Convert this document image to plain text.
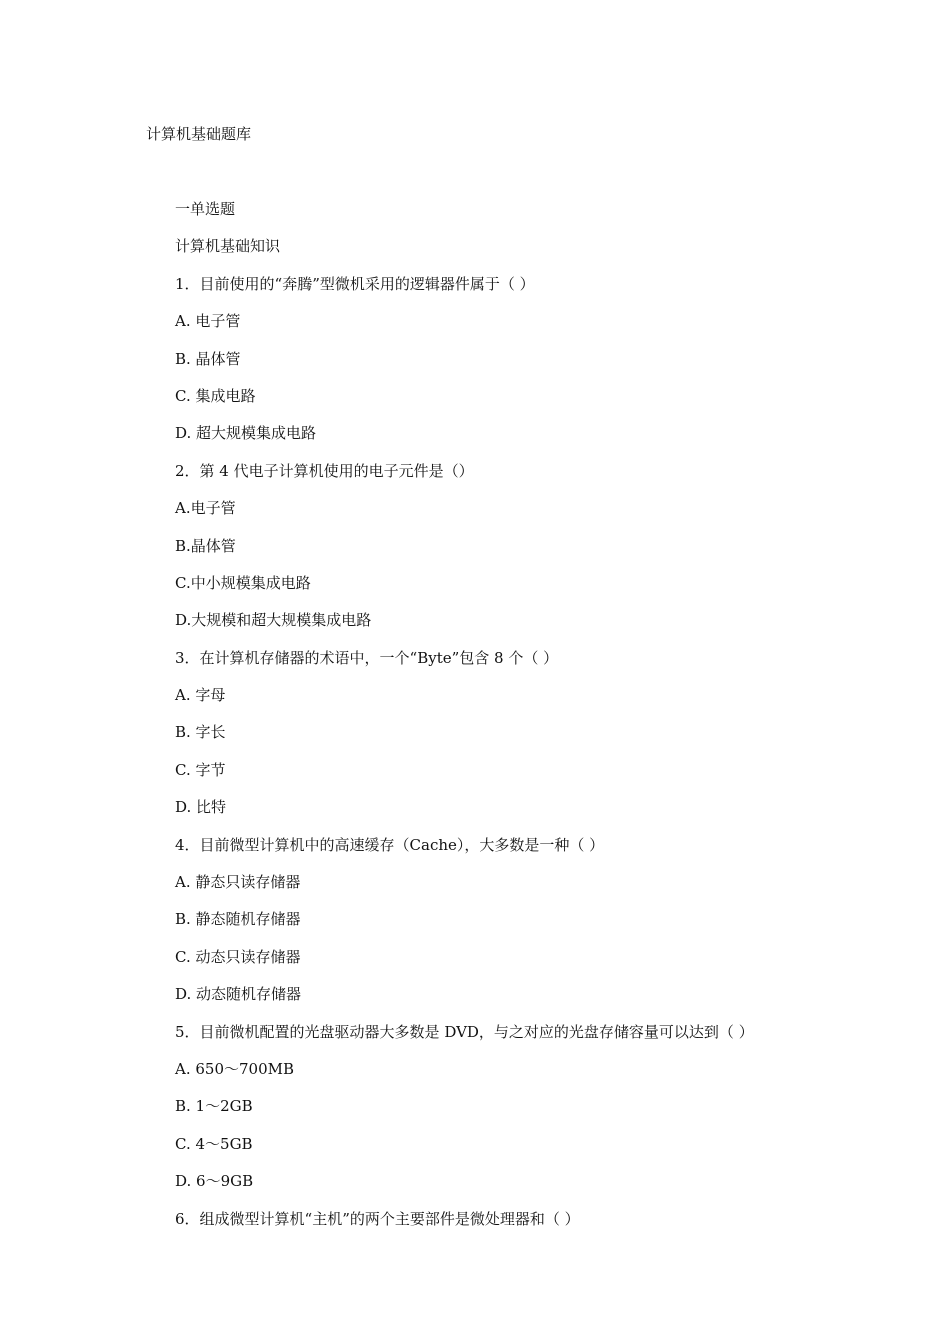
计算机基础题库
一单选题
计算机基础知识
1．目前使用的“奔腾”型微机采用的逻辑器件属于（ ）
A. 电子管
B. 晶体管
C. 集成电路
D. 超大规模集成电路
2．第 4 代电子计算机使用的电子元件是（）
A.电子管
B.晶体管
C.中小规模集成电路
D.大规模和超大规模集成电路
3．在计算机存储器的术语中，一个“Byte”包含 8 个（ ）
A. 字母
B. 字长
C. 字节
D. 比特
4．目前微型计算机中的高速缓存（Cache），大多数是一种（ ）
A. 静态只读存储器
B. 静态随机存储器
C. 动态只读存储器
D. 动态随机存储器
5．目前微机配置的光盘驱动器大多数是 DVD，与之对应的光盘存储容量可以达到（ ）
A. 650～700MB
B. 1～2GB
C. 4～5GB
D. 6～9GB
6．组成微型计算机“主机”的两个主要部件是微处理器和（ ）
